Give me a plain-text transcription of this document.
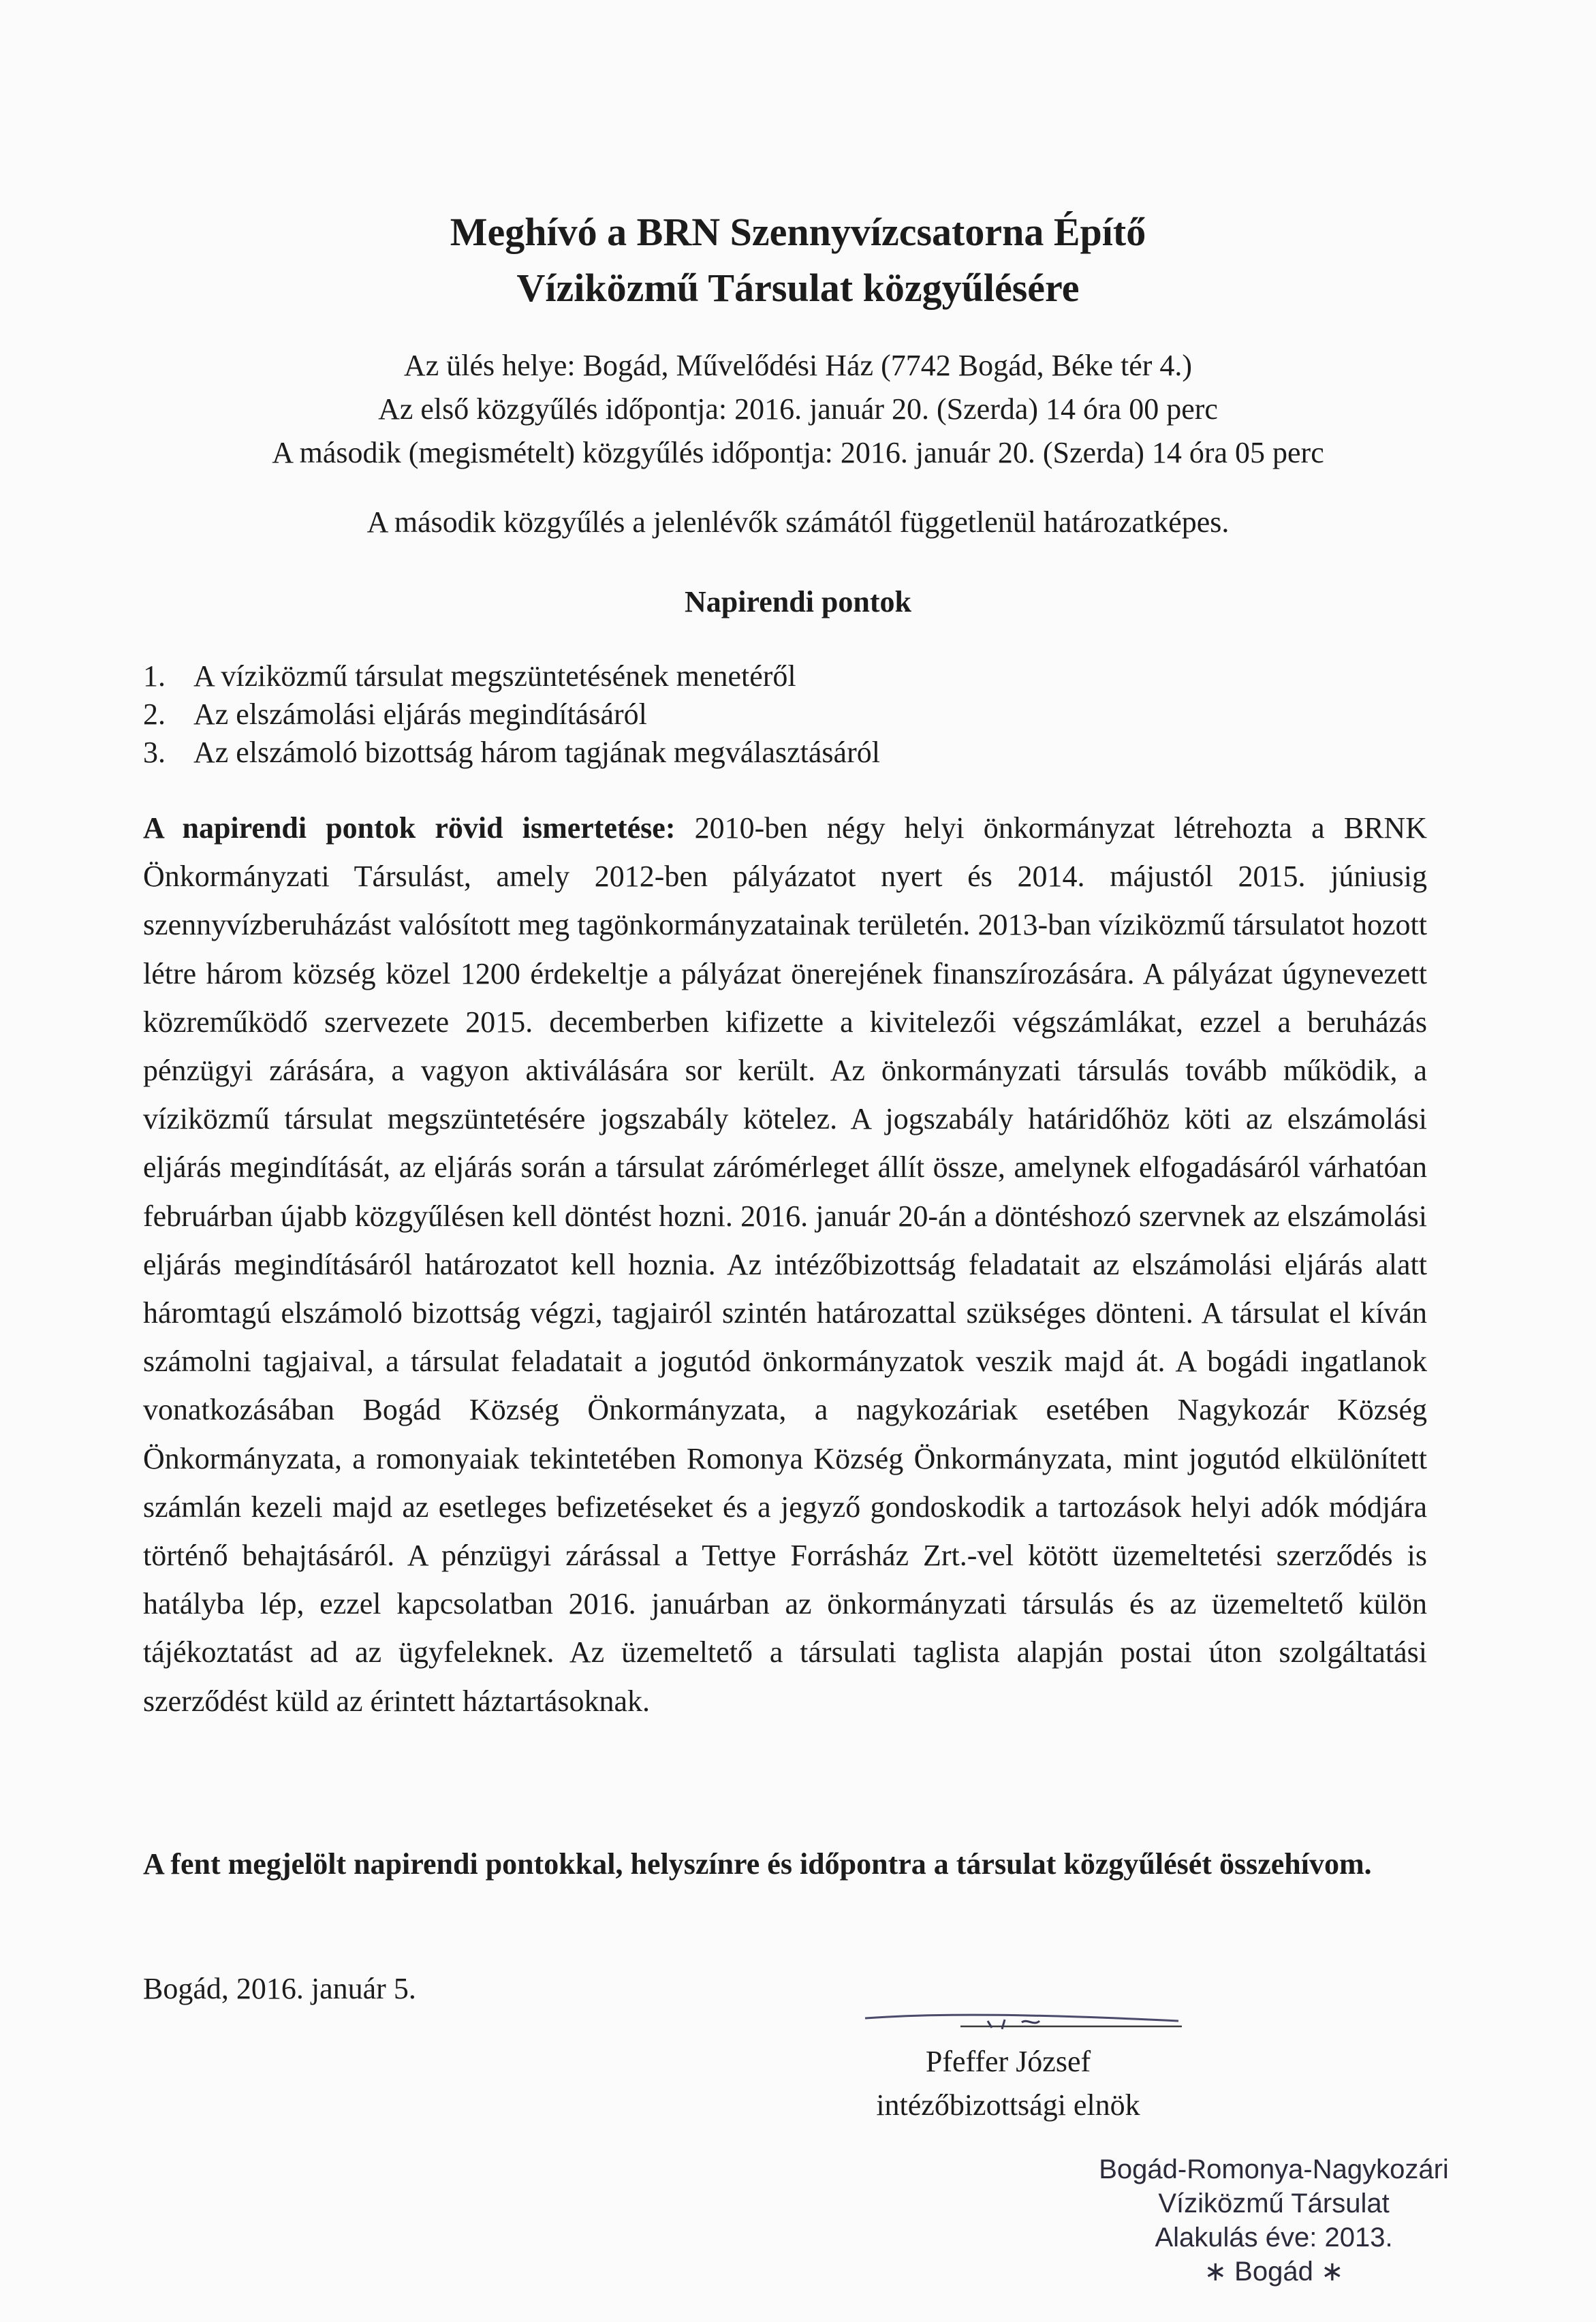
Meghívó a BRN Szennyvízcsatorna Építő
Víziközmű Társulat közgyűlésére
Az ülés helye: Bogád, Művelődési Ház (7742 Bogád, Béke tér 4.)
Az első közgyűlés időpontja: 2016. január 20. (Szerda) 14 óra 00 perc
A második (megismételt) közgyűlés időpontja: 2016. január 20. (Szerda) 14 óra 05 perc
A második közgyűlés a jelenlévők számától függetlenül határozatképes.
Napirendi pontok
1. A víziközmű társulat megszüntetésének menetéről
2. Az elszámolási eljárás megindításáról
3. Az elszámoló bizottság három tagjának megválasztásáról

A napirendi pontok rövid ismertetése: 2010-ben négy helyi önkormányzat létrehozta a BRNK Önkormányzati Társulást, amely 2012-ben pályázatot nyert és 2014. májustól 2015. júniusig szennyvízberuházást valósított meg tagönkormányzatainak területén. 2013-ban víziközmű társulatot hozott létre három község közel 1200 érdekeltje a pályázat önerejének finanszírozására. A pályázat úgynevezett közreműködő szervezete 2015. decemberben kifizette a kivitelezői végszámlákat, ezzel a beruházás pénzügyi zárására, a vagyon aktiválására sor került. Az önkormányzati társulás tovább működik, a víziközmű társulat megszüntetésére jogszabály kötelez. A jogszabály határidőhöz köti az elszámolási eljárás megindítását, az eljárás során a társulat zárómérleget állít össze, amelynek elfogadásáról várhatóan februárban újabb közgyűlésen kell döntést hozni. 2016. január 20-án a döntéshozó szervnek az elszámolási eljárás megindításáról határozatot kell hoznia. Az intézőbizottság feladatait az elszámolási eljárás alatt háromtagú elszámoló bizottság végzi, tagjairól szintén határozattal szükséges dönteni. A társulat el kíván számolni tagjaival, a társulat feladatait a jogutód önkormányzatok veszik majd át. A bogádi ingatlanok vonatkozásában Bogád Község Önkormányzata, a nagykozáriak esetében Nagykozár Község Önkormányzata, a romonyaiak tekintetében Romonya Község Önkormányzata, mint jogutód elkülönített számlán kezeli majd az esetleges befizetéseket és a jegyző gondoskodik a tartozások helyi adók módjára történő behajtásáról. A pénzügyi zárással a Tettye Forrásház Zrt.-vel kötött üzemeltetési szerződés is hatályba lép, ezzel kapcsolatban 2016. januárban az önkormányzati társulás és az üzemeltető külön tájékoztatást ad az ügyfeleknek. Az üzemeltető a társulati taglista alapján postai úton szolgáltatási szerződést küld az érintett háztartásoknak.

A fent megjelölt napirendi pontokkal, helyszínre és időpontra a társulat közgyűlését összehívom.

Bogád, 2016. január 5.
Pfeffer József
intézőbizottsági elnök
Bogád-Romonya-Nagykozári
Víziközmű Társulat
Alakulás éve: 2013.
∗ Bogád ∗
